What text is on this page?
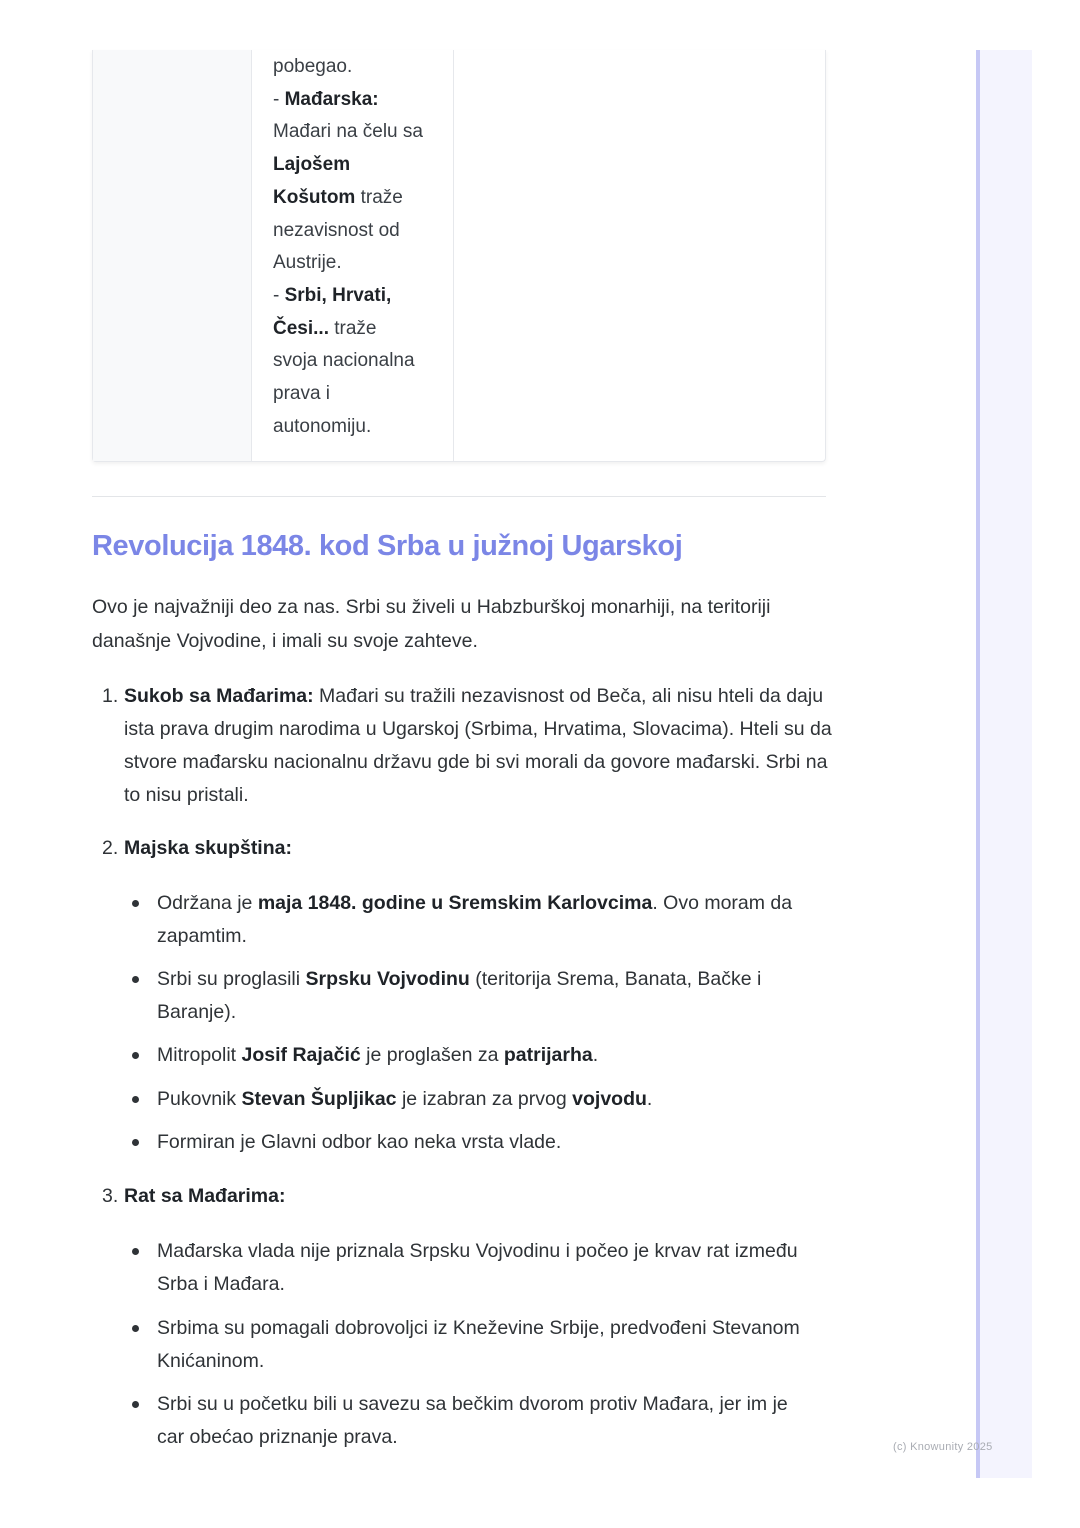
pobegao.
- Mađarska:
Mađari na čelu sa
Lajošem
Košutom traže
nezavisnost od
Austrije.
- Srbi, Hrvati,
Česi... traže
svoja nacionalna
prava i
autonomiju.
Revolucija 1848. kod Srba u južnoj Ugarskoj

Ovo je najvažniji deo za nas. Srbi su živeli u Habzburškoj monarhiji, na teritoriji današnje Vojvodine, i imali su svoje zahteve.

1. Sukob sa Mađarima: Mađari su tražili nezavisnost od Beča, ali nisu hteli da daju ista prava drugim narodima u Ugarskoj (Srbima, Hrvatima, Slovacima). Hteli su da stvore mađarsku nacionalnu državu gde bi svi morali da govore mađarski. Srbi na to nisu pristali.
2. Majska skupština:
Održana je maja 1848. godine u Sremskim Karlovcima. Ovo moram da zapamtim.
Srbi su proglasili Srpsku Vojvodinu (teritorija Srema, Banata, Bačke i Baranje).
Mitropolit Josif Rajačić je proglašen za patrijarha.
Pukovnik Stevan Šupljikac je izabran za prvog vojvodu.
Formiran je Glavni odbor kao neka vrsta vlade.
3. Rat sa Mađarima:
Mađarska vlada nije priznala Srpsku Vojvodinu i počeo je krvav rat između Srba i Mađara.
Srbima su pomagali dobrovoljci iz Kneževine Srbije, predvođeni Stevanom Knićaninom.
Srbi su u početku bili u savezu sa bečkim dvorom protiv Mađara, jer im je car obećao priznanje prava.	(c) Knowunity 2025
